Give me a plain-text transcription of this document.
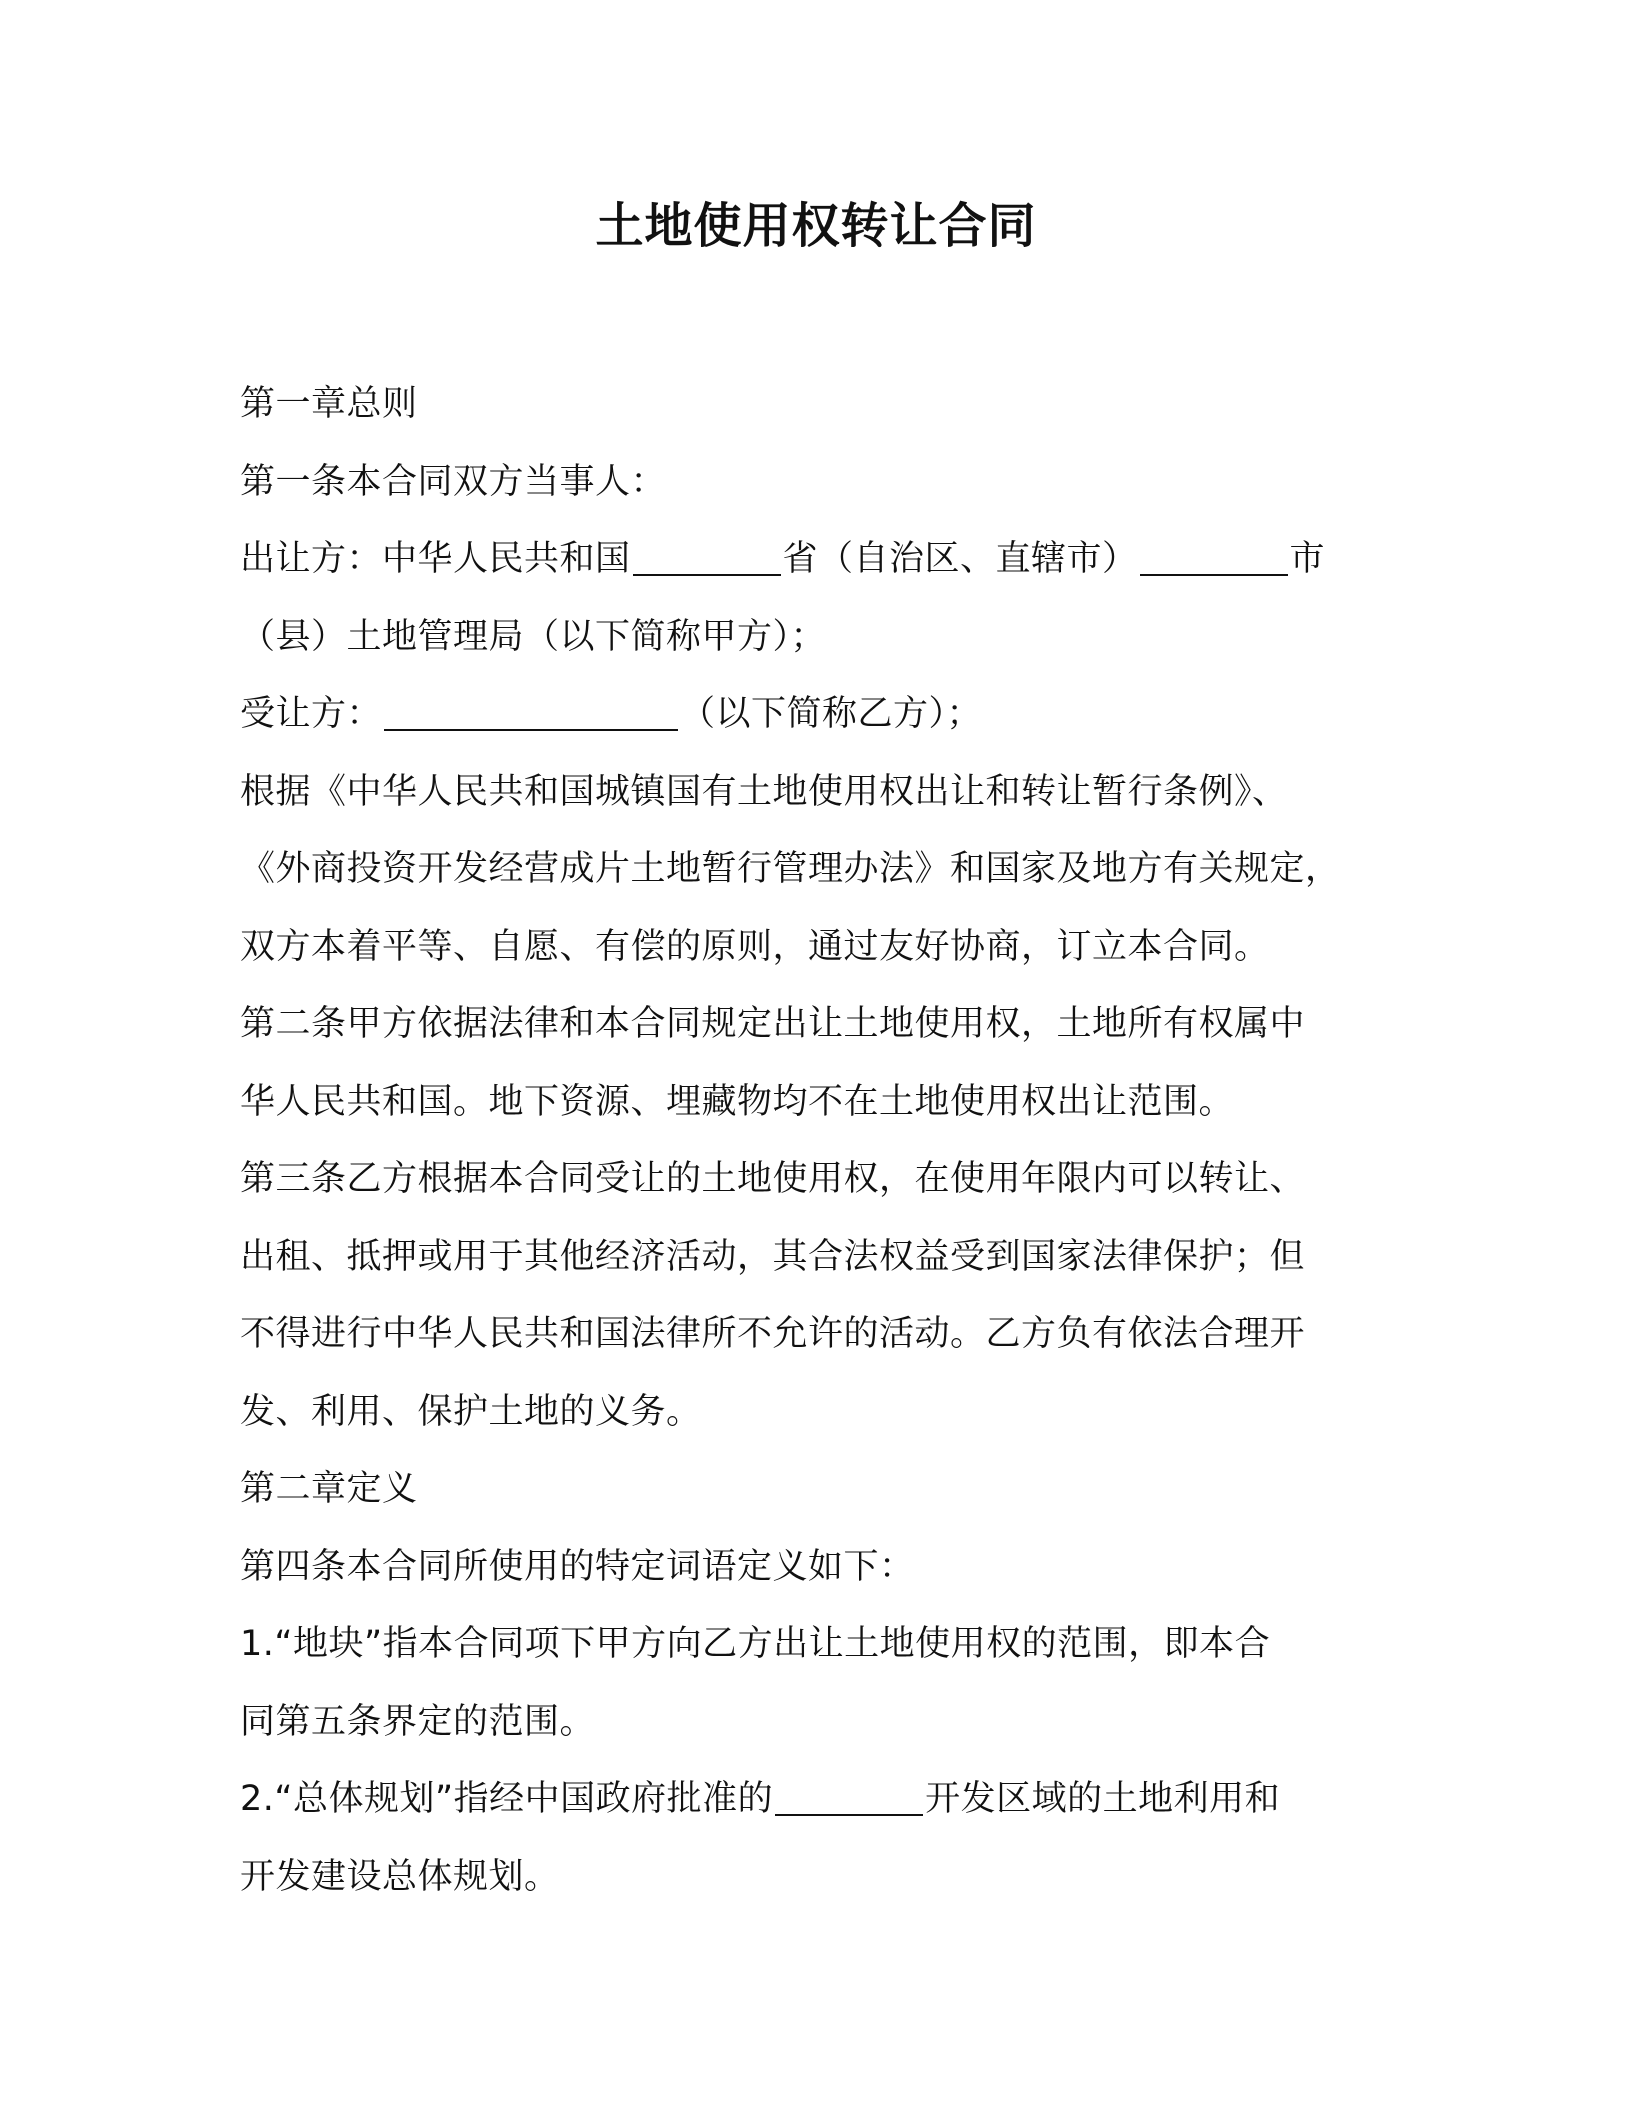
土地使用权转让合同
第一章总则
第一条本合同双方当事人：
出让方：中华人民共和国	省（自治区、直辖市）	市
（县）土地管理局（以下简称甲方）；
受让方：	（以下简称乙方）；
根据《中华人民共和国城镇国有土地使用权出让和转让暂行条例》、
《外商投资开发经营成片土地暂行管理办法》和国家及地方有关规定，
双方本着平等、自愿、有偿的原则，通过友好协商，订立本合同。
第二条甲方依据法律和本合同规定出让土地使用权，土地所有权属中
华人民共和国。地下资源、埋藏物均不在土地使用权出让范围。
第三条乙方根据本合同受让的土地使用权，在使用年限内可以转让、
出租、抵押或用于其他经济活动，其合法权益受到国家法律保护；但
不得进行中华人民共和国法律所不允许的活动。乙方负有依法合理开
发、利用、保护土地的义务。
第二章定义
第四条本合同所使用的特定词语定义如下：
1.“地块”指本合同项下甲方向乙方出让土地使用权的范围，即本合
同第五条界定的范围。
2.“总体规划”指经中国政府批准的	开发区域的土地利用和
开发建设总体规划。
